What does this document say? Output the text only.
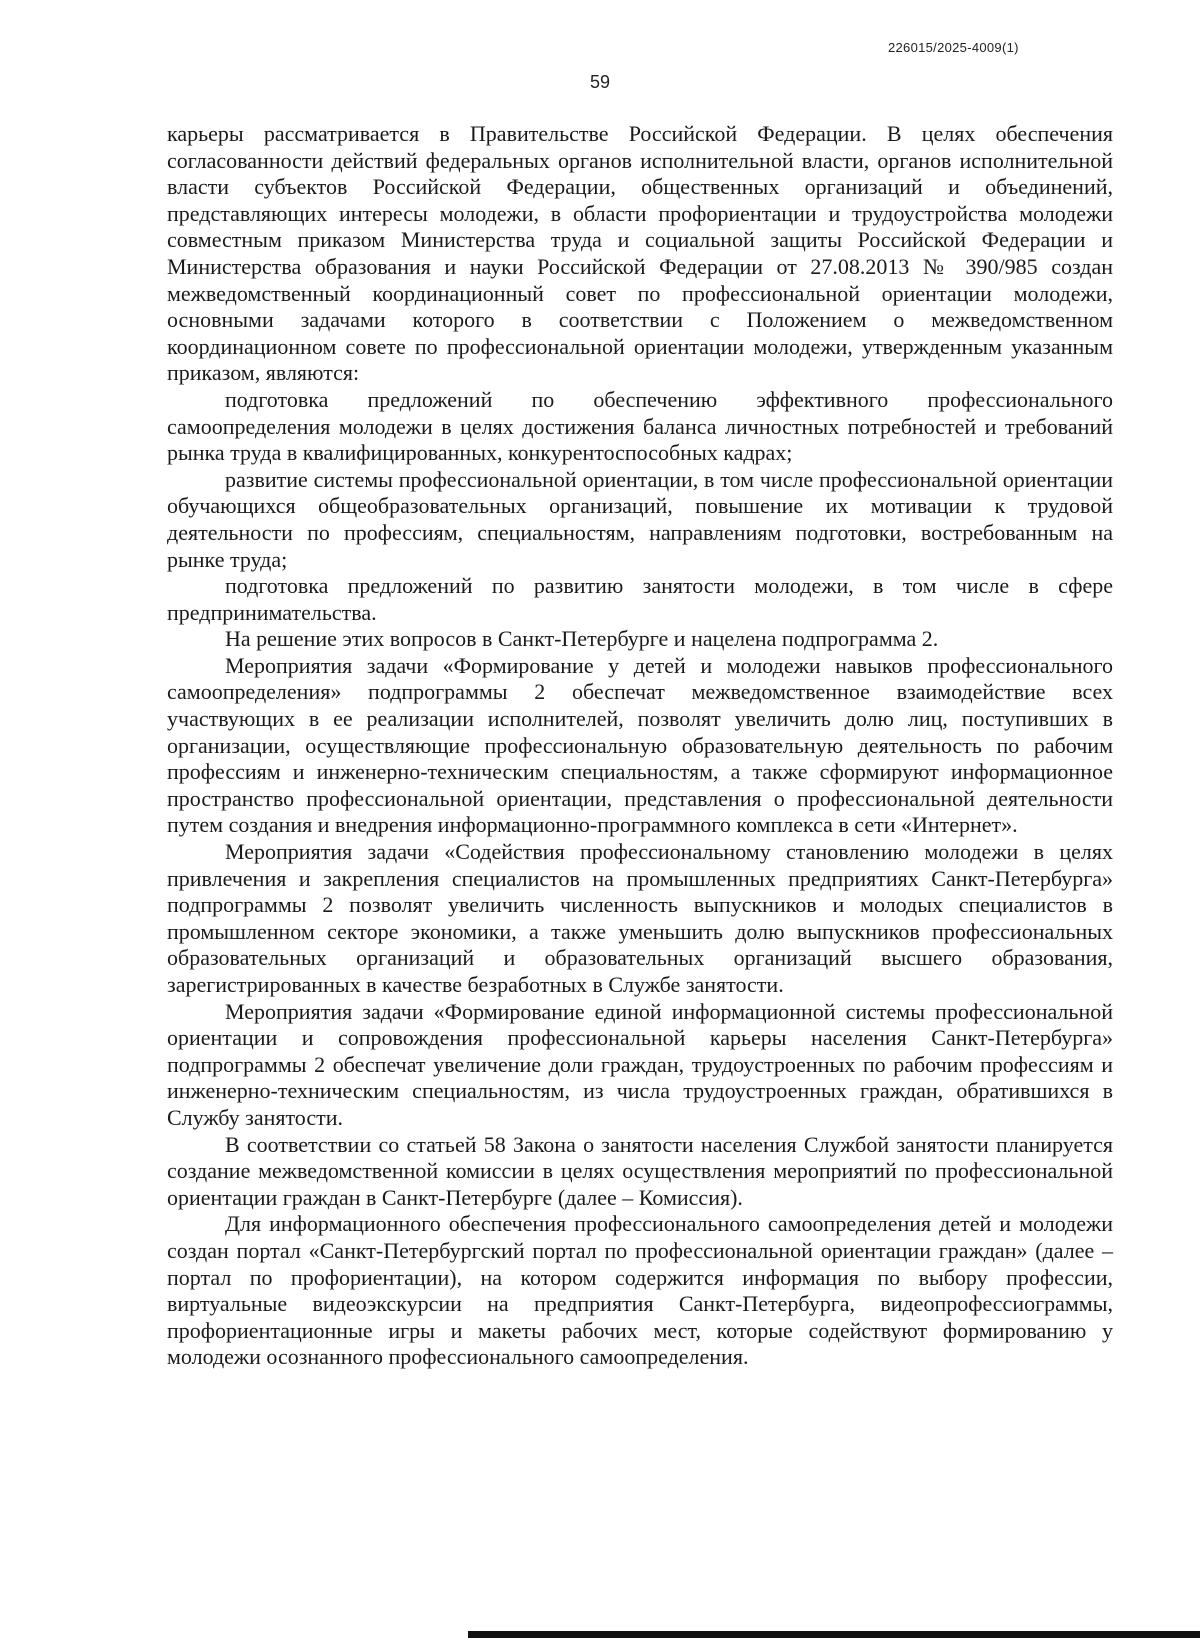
226015/2025-4009(1)
59

карьеры рассматривается в Правительстве Российской Федерации. В целях обеспечения согласованности действий федеральных органов исполнительной власти, органов исполнительной власти субъектов Российской Федерации, общественных организаций и объединений, представляющих интересы молодежи, в области профориентации и трудоустройства молодежи совместным приказом Министерства труда и социальной защиты Российской Федерации и Министерства образования и науки Российской Федерации от 27.08.2013 № 390/985 создан межведомственный координационный совет по профессиональной ориентации молодежи, основными задачами которого в соответствии с Положением о межведомственном координационном совете по профессиональной ориентации молодежи, утвержденным указанным приказом, являются:

подготовка предложений по обеспечению эффективного профессионального самоопределения молодежи в целях достижения баланса личностных потребностей и требований рынка труда в квалифицированных, конкурентоспособных кадрах;

развитие системы профессиональной ориентации, в том числе профессиональной ориентации обучающихся общеобразовательных организаций, повышение их мотивации к трудовой деятельности по профессиям, специальностям, направлениям подготовки, востребованным на рынке труда;

подготовка предложений по развитию занятости молодежи, в том числе в сфере предпринимательства.

На решение этих вопросов в Санкт-Петербурге и нацелена подпрограмма 2.

Мероприятия задачи «Формирование у детей и молодежи навыков профессионального самоопределения» подпрограммы 2 обеспечат межведомственное взаимодействие всех участвующих в ее реализации исполнителей, позволят увеличить долю лиц, поступивших в организации, осуществляющие профессиональную образовательную деятельность по рабочим профессиям и инженерно-техническим специальностям, а также сформируют информационное пространство профессиональной ориентации, представления о профессиональной деятельности путем создания и внедрения информационно-программного комплекса в сети «Интернет».

Мероприятия задачи «Содействия профессиональному становлению молодежи в целях привлечения и закрепления специалистов на промышленных предприятиях Санкт-Петербурга» подпрограммы 2 позволят увеличить численность выпускников и молодых специалистов в промышленном секторе экономики, а также уменьшить долю выпускников профессиональных образовательных организаций и образовательных организаций высшего образования, зарегистрированных в качестве безработных в Службе занятости.

Мероприятия задачи «Формирование единой информационной системы профессиональной ориентации и сопровождения профессиональной карьеры населения Санкт-Петербурга» подпрограммы 2 обеспечат увеличение доли граждан, трудоустроенных по рабочим профессиям и инженерно-техническим специальностям, из числа трудоустроенных граждан, обратившихся в Службу занятости.

В соответствии со статьей 58 Закона о занятости населения Службой занятости планируется создание межведомственной комиссии в целях осуществления мероприятий по профессиональной ориентации граждан в Санкт-Петербурге (далее – Комиссия).

Для информационного обеспечения профессионального самоопределения детей и молодежи создан портал «Санкт-Петербургский портал по профессиональной ориентации граждан» (далее – портал по профориентации), на котором содержится информация по выбору профессии, виртуальные видеоэкскурсии на предприятия Санкт-Петербурга, видеопрофессиограммы, профориентационные игры и макеты рабочих мест, которые содействуют формированию у молодежи осознанного профессионального самоопределения.
